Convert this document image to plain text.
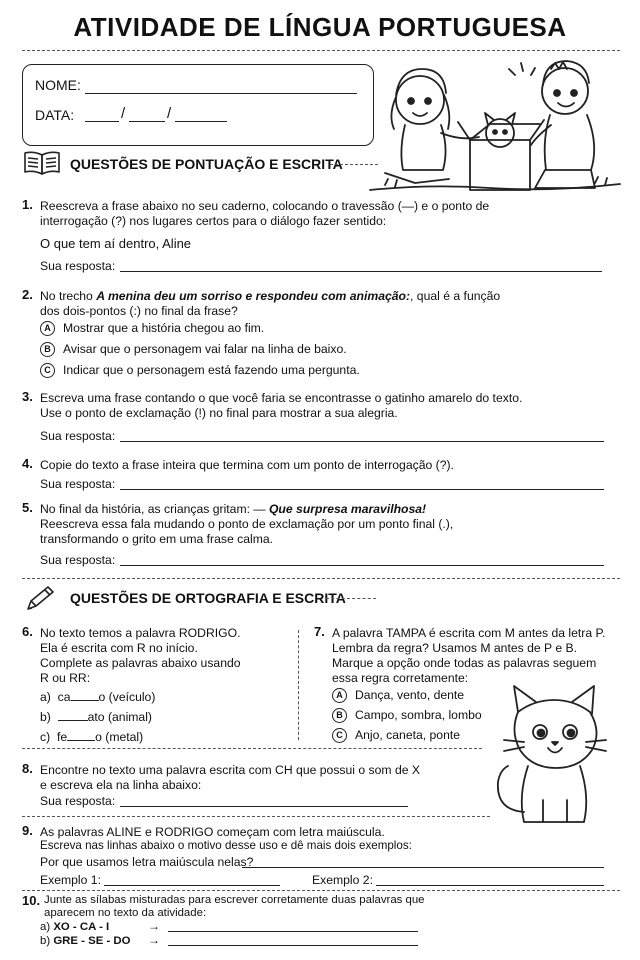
ATIVIDADE DE LÍNGUA PORTUGUESA
NOME:
DATA:	/	/
QUESTÕES DE PONTUAÇÃO E ESCRITA
1. Reescreva a frase abaixo no seu caderno, colocando o travessão (—) e o ponto de
interrogação (?) nos lugares certos para o diálogo fazer sentido:
O que tem aí dentro, Aline
Sua resposta:
2. No trecho A menina deu um sorriso e respondeu com animação:, qual é a função
dos dois-pontos (:) no final da frase?
A Mostrar que a história chegou ao fim.
B Avisar que o personagem vai falar na linha de baixo.
C Indicar que o personagem está fazendo uma pergunta.
3. Escreva uma frase contando o que você faria se encontrasse o gatinho amarelo do texto.
Use o ponto de exclamação (!) no final para mostrar a sua alegria.
Sua resposta:
4. Copie do texto a frase inteira que termina com um ponto de interrogação (?).
Sua resposta:
5. No final da história, as crianças gritam: — Que surpresa maravilhosa!
Reescreva essa fala mudando o ponto de exclamação por um ponto final (.),
transformando o grito em uma frase calma.
Sua resposta:
QUESTÕES DE ORTOGRAFIA E ESCRITA
6. No texto temos a palavra RODRIGO.
Ela é escrita com R no início.
Complete as palavras abaixo usando
R ou RR:
a) ca o (veículo)
b)	ato (animal)
c) fe o (metal)
7. A palavra TAMPA é escrita com M antes da letra P.
Lembra da regra? Usamos M antes de P e B.
Marque a opção onde todas as palavras seguem
essa regra corretamente:
A Dança, vento, dente
B Campo, sombra, lombo
C Anjo, caneta, ponte
8. Encontre no texto uma palavra escrita com CH que possui o som de X
e escreva ela na linha abaixo:
Sua resposta:
9. As palavras ALINE e RODRIGO começam com letra maiúscula.
Escreva nas linhas abaixo o motivo desse uso e dê mais dois exemplos:
Por que usamos letra maiúscula nelas?
Exemplo 1:	Exemplo 2:
10. Junte as sílabas misturadas para escrever corretamente duas palavras que
aparecem no texto da atividade:
a) XO - CA - I	→
b) GRE - SE - DO →
